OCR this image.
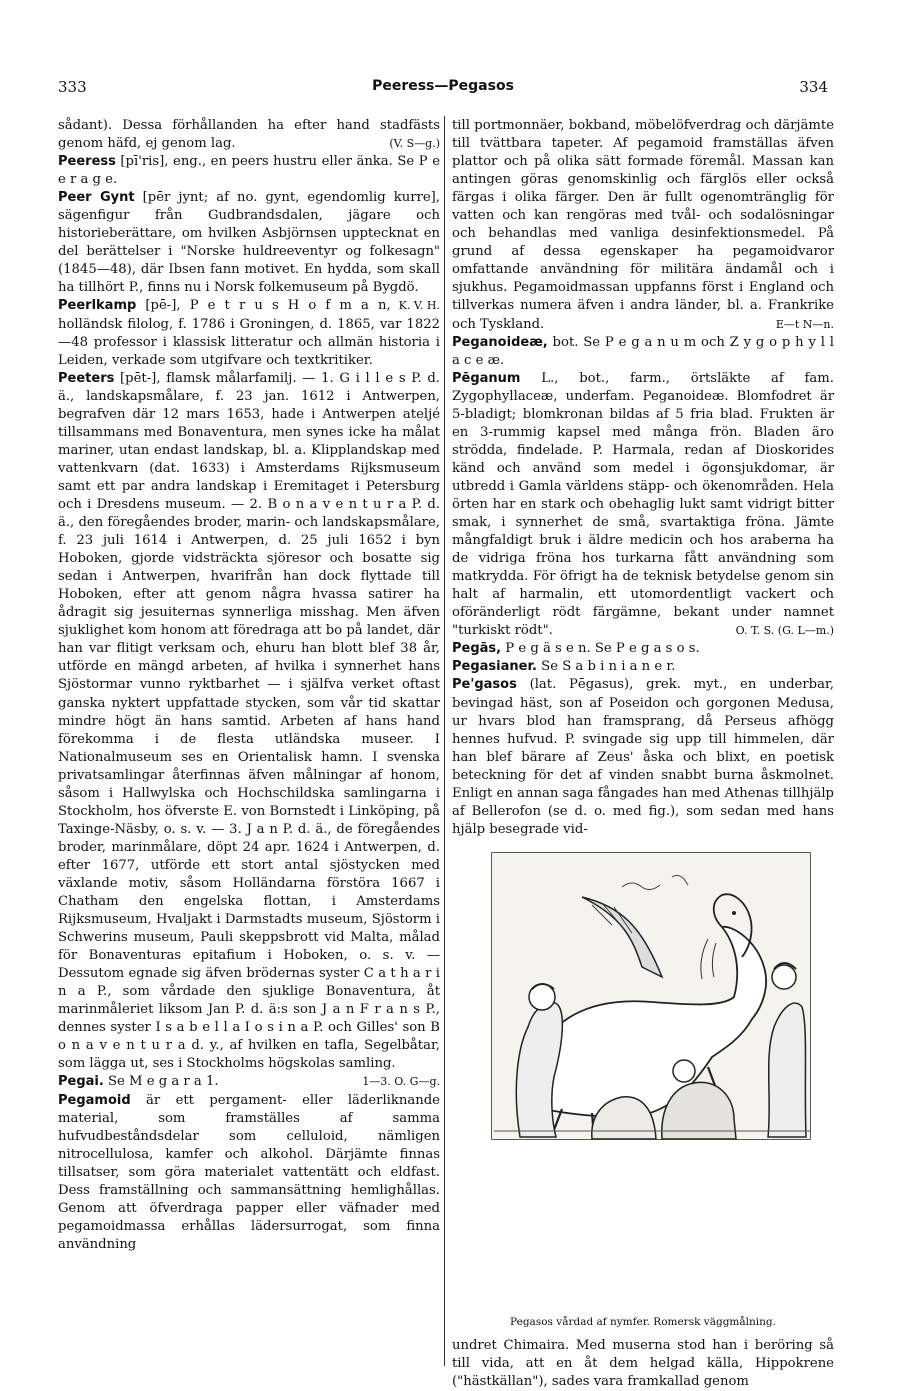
333	Peeress—Pegasos	334

sådant). Dessa förhållanden ha efter hand stadfästs genom häfd, ej genom lag.	(V. S—g.)

Peeress [pī'ris], eng., en peers hustru eller änka. Se P e e r a g e.

Peer Gynt [pēr jynt; af no. gynt, egendomlig kurre], sägenfigur från Gudbrandsdalen, jägare och historieberättare, om hvilken Asbjörnsen upptecknat en del berättelser i "Norske huldreeventyr og folkesagn" (1845—48), där Ibsen fann motivet. En hydda, som skall ha tillhört P., finns nu i Norsk folkemuseum på Bygdö.
K. V. H.

Peerlkamp [pē-], P e t r u s H o f m a n, holländsk filolog, f. 1786 i Groningen, d. 1865, var 1822—48 professor i klassisk litteratur och allmän historia i Leiden, verkade som utgifvare och textkritiker.

Peeters [pēt-], flamsk målarfamilj. — 1. G i l l e s P. d. ä., landskapsmålare, f. 23 jan. 1612 i Antwerpen, begrafven där 12 mars 1653, hade i Antwerpen ateljé tillsammans med Bonaventura, men synes icke ha målat mariner, utan endast landskap, bl. a. Klipplandskap med vattenkvarn (dat. 1633) i Amsterdams Rijksmuseum samt ett par andra landskap i Eremitaget i Petersburg och i Dresdens museum. — 2. B o n a v e n t u r a P. d. ä., den föregåendes broder, marin- och landskapsmålare, f. 23 juli 1614 i Antwerpen, d. 25 juli 1652 i byn Hoboken, gjorde vidsträckta sjöresor och bosatte sig sedan i Antwerpen, hvarifrån han dock flyttade till Hoboken, efter att genom några hvassa satirer ha ådragit sig jesuiternas synnerliga misshag. Men äfven sjuklighet kom honom att föredraga att bo på landet, där han var flitigt verksam och, ehuru han blott blef 38 år, utförde en mängd arbeten, af hvilka i synnerhet hans Sjöstormar vunno ryktbarhet — i själfva verket oftast ganska nyktert uppfattade stycken, som vår tid skattar mindre högt än hans samtid. Arbeten af hans hand förekomma i de flesta utländska museer. I Nationalmuseum ses en Orientalisk hamn. I svenska privatsamlingar återfinnas äfven målningar af honom, såsom i Hallwylska och Hochschildska samlingarna i Stockholm, hos öfverste E. von Bornstedt i Linköping, på Taxinge-Näsby, o. s. v. — 3. J a n P. d. ä., de föregåendes broder, marinmålare, döpt 24 apr. 1624 i Antwerpen, d. efter 1677, utförde ett stort antal sjöstycken med växlande motiv, såsom Holländarna förstöra 1667 i Chatham den engelska flottan, i Amsterdams Rijksmuseum, Hvaljakt i Darmstadts museum, Sjöstorm i Schwerins museum, Pauli skeppsbrott vid Malta, målad för Bonaventuras epitafium i Hoboken, o. s. v. — Dessutom egnade sig äfven brödernas syster C a t h a r i n a P., som vårdade den sjuklige Bonaventura, åt marinmåleriet liksom Jan P. d. ä:s son J a n F r a n s P., dennes syster I s a b e l l a I o s i n a P. och Gilles' son B o n a v e n t u r a d. y., af hvilken en tafla, Segelbåtar, som lägga ut, ses i Stockholms högskolas samling.
1—3. O. G—g.

Pegai. Se M e g a r a 1.

Pegamoid är ett pergament- eller läderliknande material, som framställes af samma hufvudbeståndsdelar som celluloid, nämligen nitrocellulosa, kamfer och alkohol. Därjämte finnas tillsatser, som göra materialet vattentätt och eldfast. Dess framställning och sammansättning hemlighållas. Genom att öfverdraga papper eller väfnader med pegamoidmassa erhållas lädersurrogat, som finna användning

till portmonnäer, bokband, möbelöfverdrag och därjämte till tvättbara tapeter. Af pegamoid framställas äfven plattor och på olika sätt formade föremål. Massan kan antingen göras genomskinlig och färglös eller också färgas i olika färger. Den är fullt ogenomtränglig för vatten och kan rengöras med tvål- och sodalösningar och behandlas med vanliga desinfektionsmedel. På grund af dessa egenskaper ha pegamoidvaror omfattande användning för militära ändamål och i sjukhus. Pegamoidmassan uppfanns först i England och tillverkas numera äfven i andra länder, bl. a. Frankrike och Tyskland.	E—t N—n.

Peganoideæ, bot. Se P e g a n u m och Z y g o p h y l l a c e æ.

Pēganum L., bot., farm., örtsläkte af fam. Zygophyllaceæ, underfam. Peganoideæ. Blomfodret är 5-bladigt; blomkronan bildas af 5 fria blad. Frukten är en 3-rummig kapsel med många frön. Bladen äro strödda, findelade. P. Harmala, redan af Dioskorides känd och använd som medel i ögonsjukdomar, är utbredd i Gamla världens stäpp- och ökenområden. Hela örten har en stark och obehaglig lukt samt vidrigt bitter smak, i synnerhet de små, svartaktiga fröna. Jämte mångfaldigt bruk i äldre medicin och hos araberna ha de vidriga fröna hos turkarna fått användning som matkrydda. För öfrigt ha de teknisk betydelse genom sin halt af harmalin, ett utomordentligt vackert och oföränderligt rödt färgämne, bekant under namnet "turkiskt rödt".	O. T. S. (G. L—m.)

Pegās, P e g ä s e n. Se P e g a s o s.

Pegasianer. Se S a b i n i a n e r.

Pe'gasos (lat. Pēgasus), grek. myt., en underbar, bevingad häst, son af Poseidon och gorgonen Medusa, ur hvars blod han framsprang, då Perseus afhögg hennes hufvud. P. svingade sig upp till himmelen, där han blef bärare af Zeus' åska och blixt, en poetisk beteckning för det af vinden snabbt burna åskmolnet. Enligt en annan saga fångades han med Athenas tillhjälp af Bellerofon (se d. o. med fig.), som sedan med hans hjälp besegrade vid-

Pegasos vårdad af nymfer. Romersk väggmålning.

undret Chimaira. Med muserna stod han i beröring så till vida, att en åt dem helgad källa, Hippokrene ("hästkällan"), sades vara framkallad genom
